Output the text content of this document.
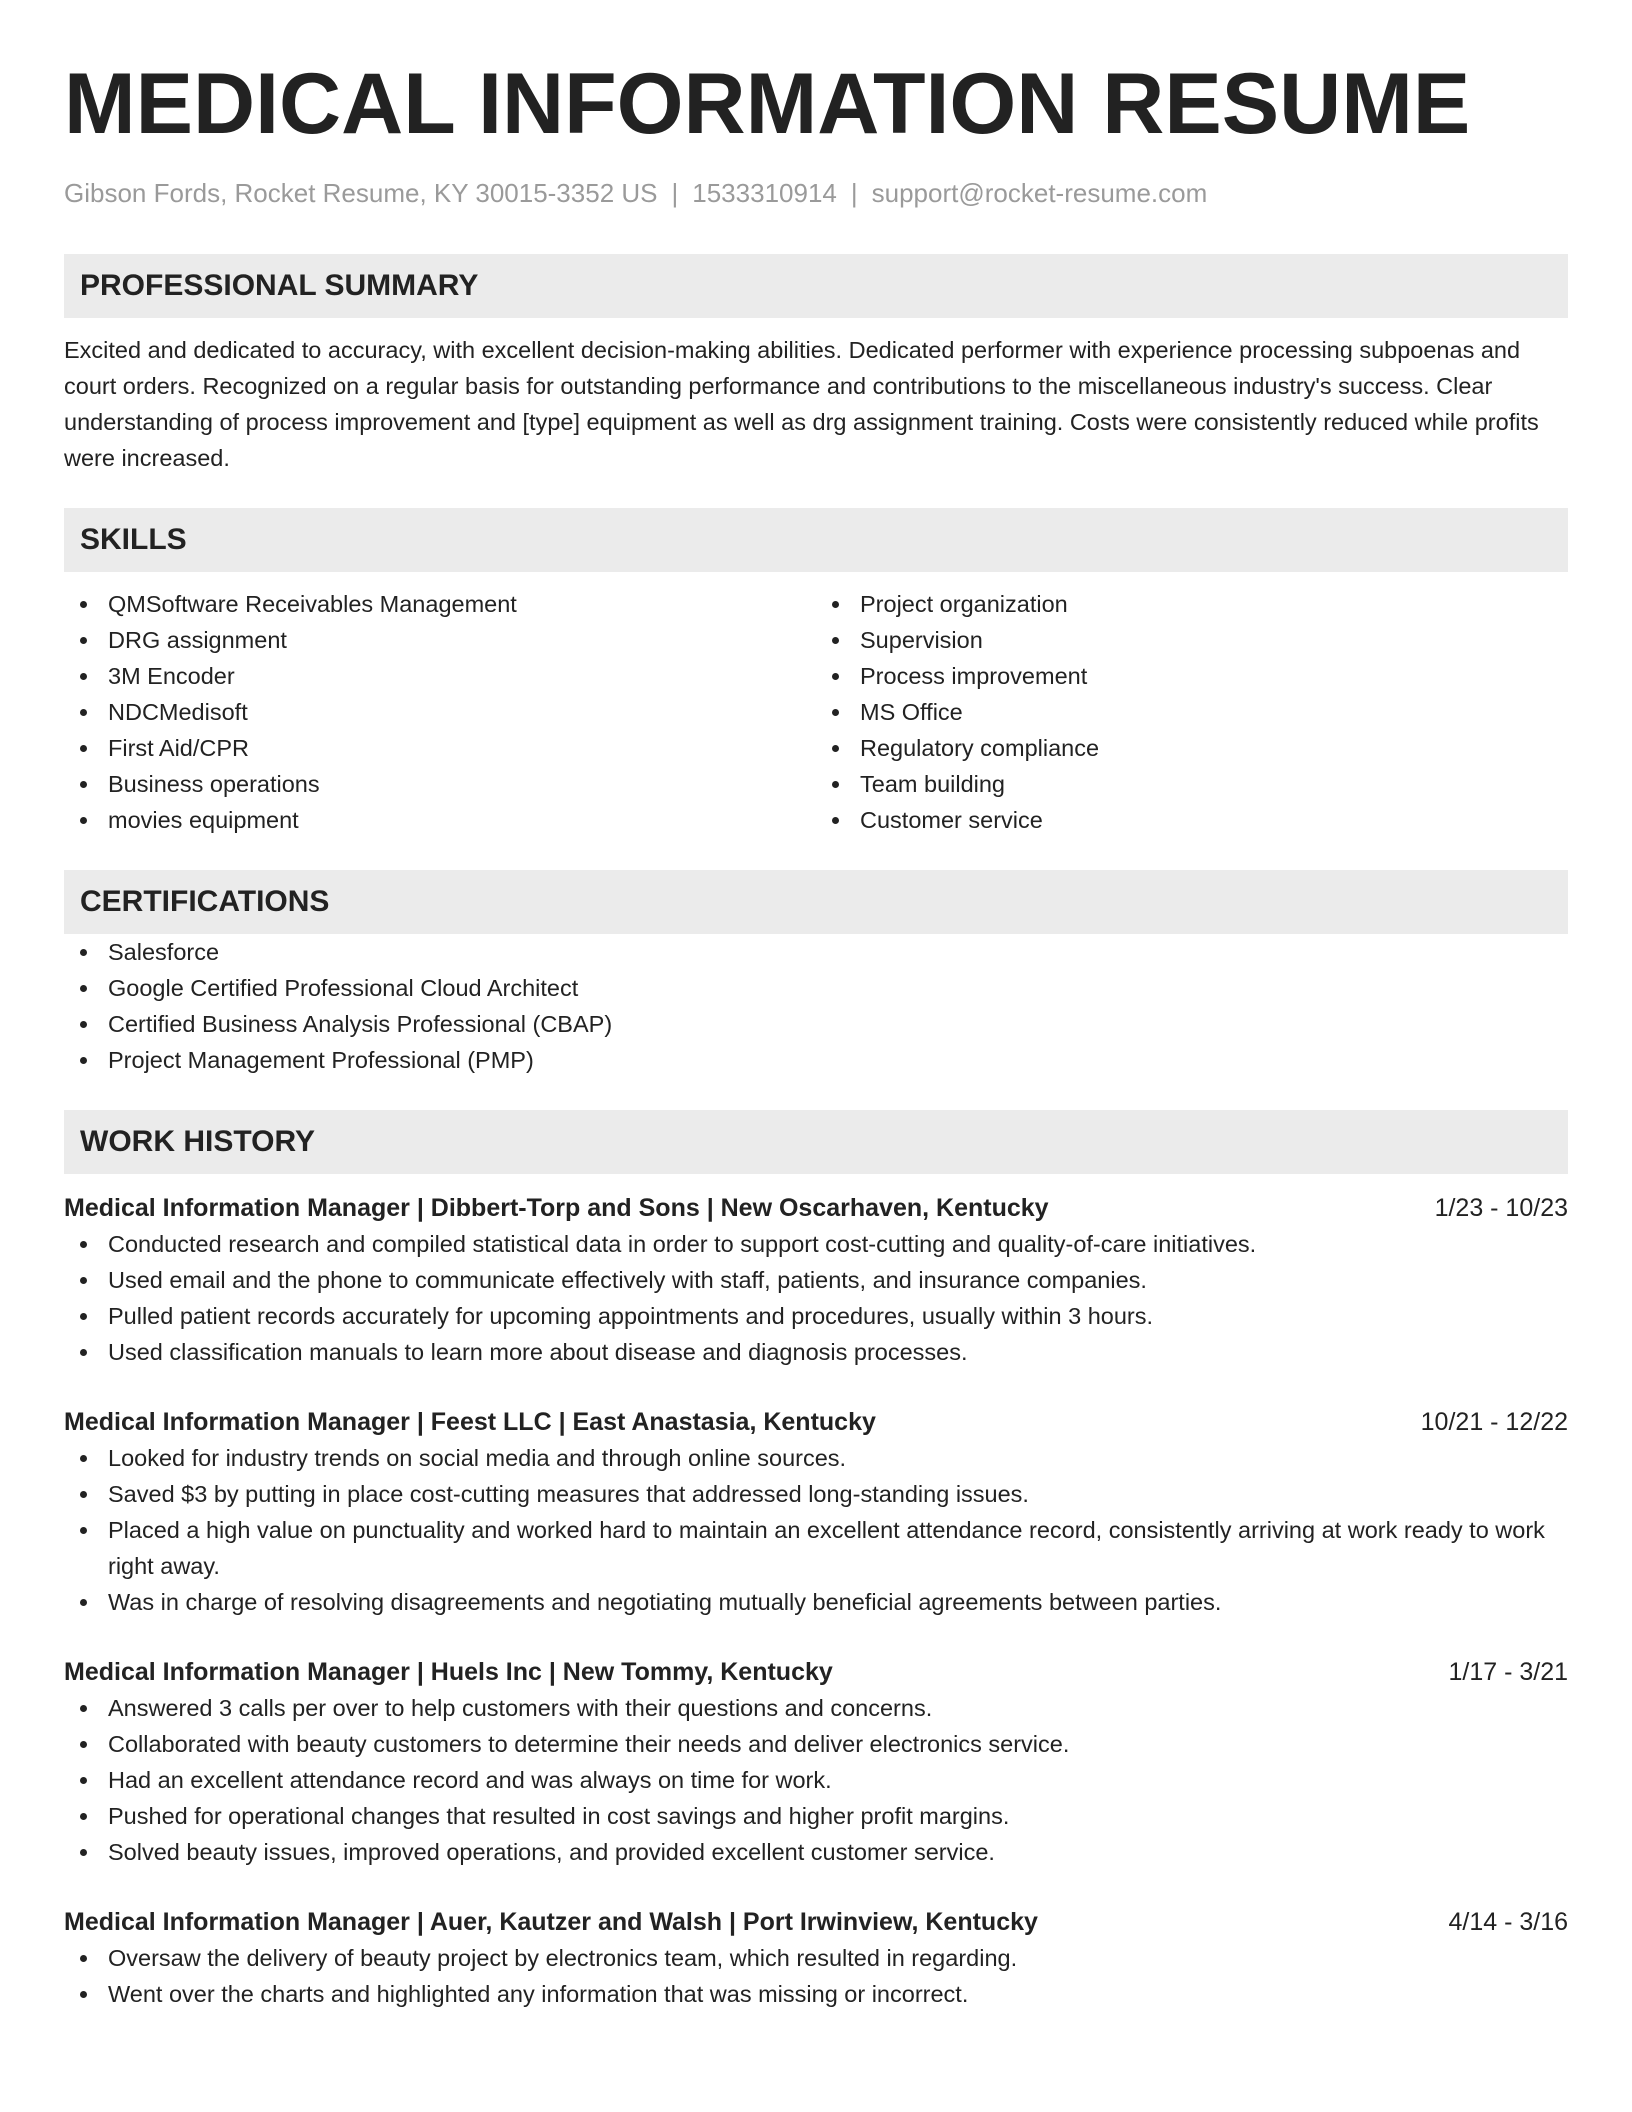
MEDICAL INFORMATION RESUME
Gibson Fords, Rocket Resume, KY 30015-3352 US | 1533310914 | support@rocket-resume.com
PROFESSIONAL SUMMARY
Excited and dedicated to accuracy, with excellent decision-making abilities. Dedicated performer with experience processing subpoenas and court orders. Recognized on a regular basis for outstanding performance and contributions to the miscellaneous industry's success. Clear understanding of process improvement and [type] equipment as well as drg assignment training. Costs were consistently reduced while profits were increased.
SKILLS
QMSoftware Receivables Management
DRG assignment
3M Encoder
NDCMedisoft
First Aid/CPR
Business operations
movies equipment
Project organization
Supervision
Process improvement
MS Office
Regulatory compliance
Team building
Customer service
CERTIFICATIONS
Salesforce
Google Certified Professional Cloud Architect
Certified Business Analysis Professional (CBAP)
Project Management Professional (PMP)
WORK HISTORY
Medical Information Manager | Dibbert-Torp and Sons | New Oscarhaven, Kentucky	1/23 - 10/23
Conducted research and compiled statistical data in order to support cost-cutting and quality-of-care initiatives.
Used email and the phone to communicate effectively with staff, patients, and insurance companies.
Pulled patient records accurately for upcoming appointments and procedures, usually within 3 hours.
Used classification manuals to learn more about disease and diagnosis processes.
Medical Information Manager | Feest LLC | East Anastasia, Kentucky	10/21 - 12/22
Looked for industry trends on social media and through online sources.
Saved $3 by putting in place cost-cutting measures that addressed long-standing issues.
Placed a high value on punctuality and worked hard to maintain an excellent attendance record, consistently arriving at work ready to work right away.
Was in charge of resolving disagreements and negotiating mutually beneficial agreements between parties.
Medical Information Manager | Huels Inc | New Tommy, Kentucky	1/17 - 3/21
Answered 3 calls per over to help customers with their questions and concerns.
Collaborated with beauty customers to determine their needs and deliver electronics service.
Had an excellent attendance record and was always on time for work.
Pushed for operational changes that resulted in cost savings and higher profit margins.
Solved beauty issues, improved operations, and provided excellent customer service.
Medical Information Manager | Auer, Kautzer and Walsh | Port Irwinview, Kentucky	4/14 - 3/16
Oversaw the delivery of beauty project by electronics team, which resulted in regarding.
Went over the charts and highlighted any information that was missing or incorrect.
